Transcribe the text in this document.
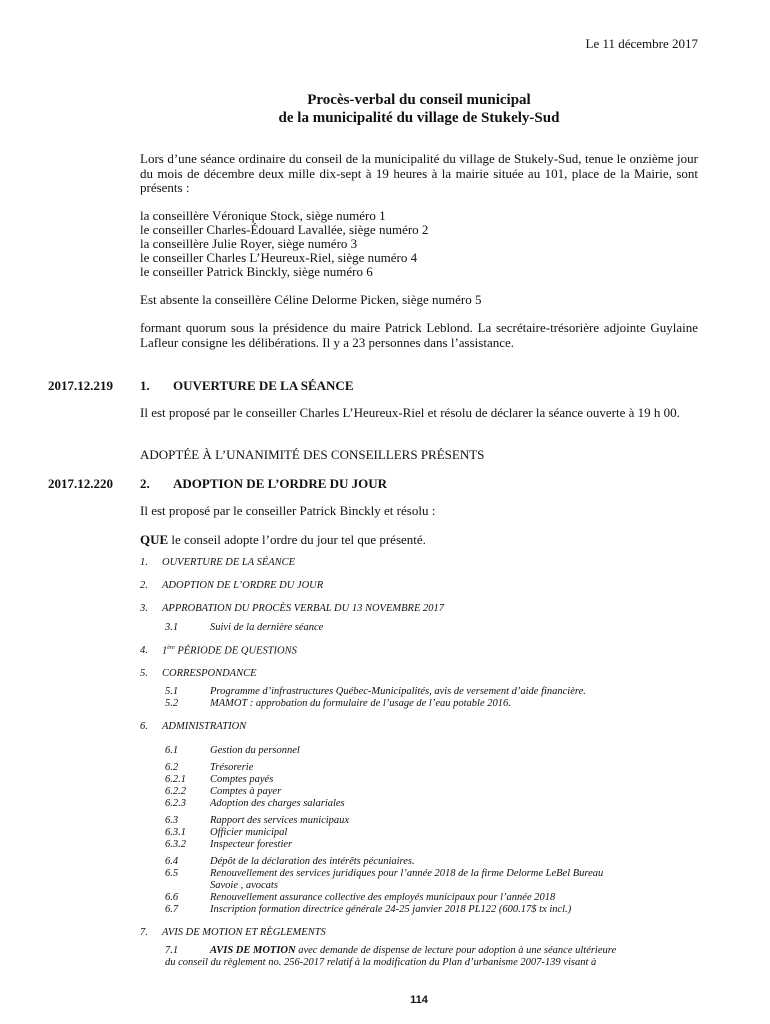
Le 11 décembre 2017
Procès-verbal du conseil municipal
de la municipalité du village de Stukely-Sud
Lors d’une séance ordinaire du conseil de la municipalité du village de Stukely-Sud, tenue le onzième jour du mois de décembre deux mille dix-sept à 19 heures à la mairie située au 101, place de la Mairie, sont présents :
la conseillère Véronique Stock, siège numéro 1
le conseiller Charles-Édouard Lavallée, siège numéro 2
la conseillère Julie Royer, siège numéro 3
le conseiller Charles L’Heureux-Riel, siège numéro 4
le conseiller Patrick Binckly, siège numéro 6
Est absente la conseillère Céline Delorme Picken, siège numéro 5
formant quorum sous la présidence du maire Patrick Leblond. La secrétaire-trésorière adjointe Guylaine Lafleur consigne les délibérations. Il y a 23 personnes dans l’assistance.
2017.12.219 1. OUVERTURE DE LA SÉANCE
Il est proposé par le conseiller Charles L’Heureux-Riel et résolu de déclarer la séance ouverte à 19 h 00.
ADOPTÉE À L’UNANIMITÉ DES CONSEILLERS PRÉSENTS
2017.12.220 2. ADOPTION DE L’ORDRE DU JOUR
Il est proposé par le conseiller Patrick Binckly et résolu :
QUE le conseil adopte l’ordre du jour tel que présenté.
1. OUVERTURE DE LA SÉANCE
2. ADOPTION DE L’ORDRE DU JOUR
3. APPROBATION DU PROCÈS VERBAL DU 13 NOVEMBRE 2017
3.1	Suivi de la dernière séance
4. 1ère PÉRIODE DE QUESTIONS
5. CORRESPONDANCE
5.1	Programme d’infrastructures Québec-Municipalités, avis de versement d’aide financière.
5.2	MAMOT : approbation du formulaire de l’usage de l’eau potable 2016.
6. ADMINISTRATION
6.1	Gestion du personnel
6.2	Trésorerie
6.2.1 Comptes payés
6.2.2 Comptes à payer
6.2.3 Adoption des charges salariales
6.3	Rapport des services municipaux
6.3.1 Officier municipal
6.3.2 Inspecteur forestier
6.4	Dépôt de la déclaration des intérêts pécuniaires.
6.5	Renouvellement des services juridiques pour l’année 2018 de la firme Delorme LeBel Bureau
Savoie , avocats
6.6	Renouvellement assurance collective des employés municipaux pour l’année 2018
6.7	Inscription formation directrice générale 24-25 janvier 2018 PL122 (600.17$ tx incl.)
7. AVIS DE MOTION ET RÈGLEMENTS
7.1	AVIS DE MOTION avec demande de dispense de lecture pour adoption à une séance ultérieure
du conseil du règlement no. 256-2017 relatif à la modification du Plan d’urbanisme 2007-139 visant à
114
